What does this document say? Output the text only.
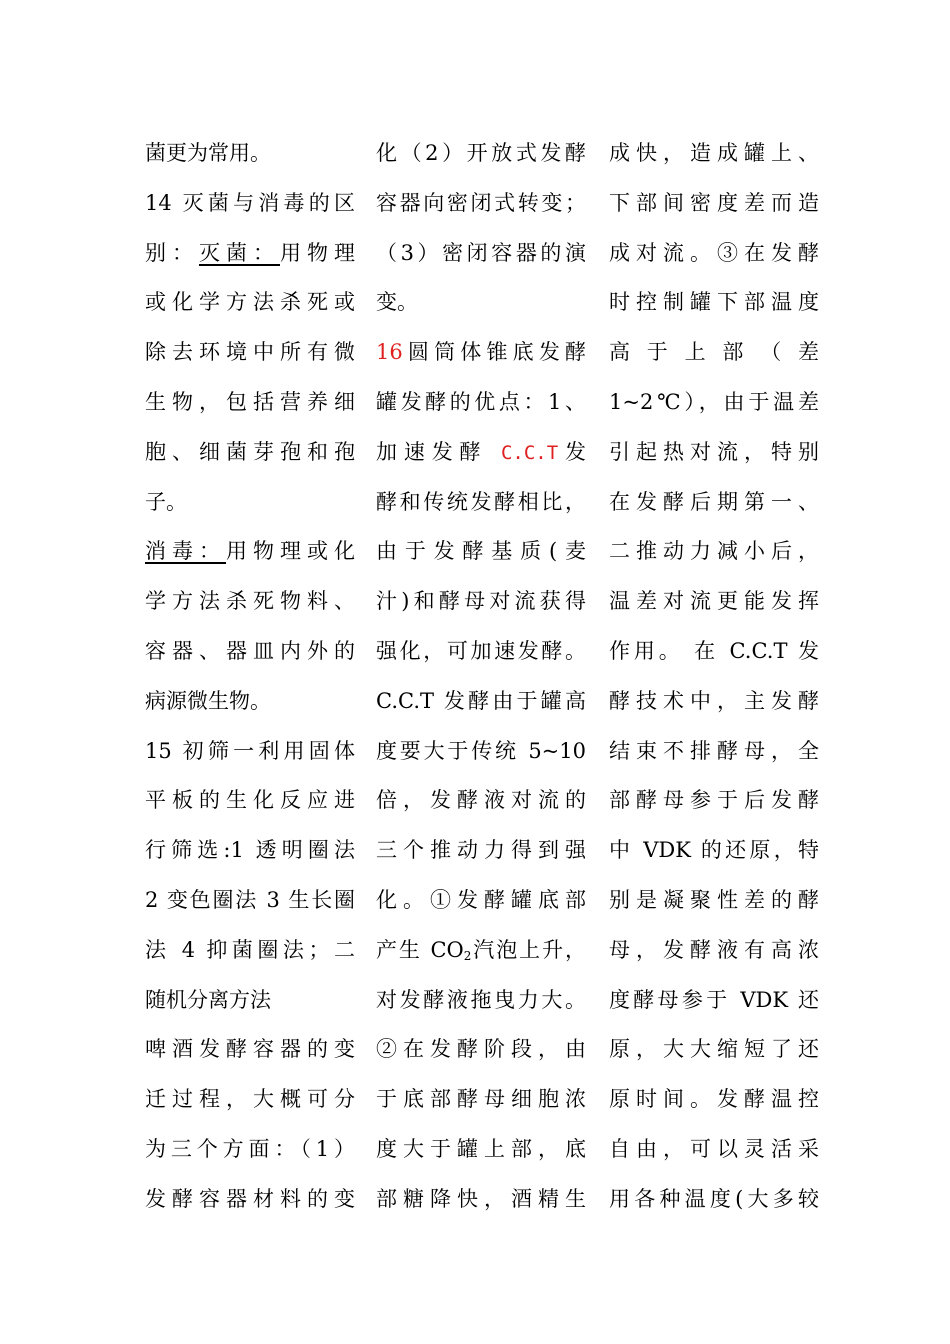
菌更为常用。
14 灭菌与消毒的区
别：灭菌：用物理
或化学方法杀死或
除去环境中所有微
生物，包括营养细
胞、细菌芽孢和孢
子。
消毒：用物理或化
学方法杀死物料、
容器、器皿内外的
病源微生物。
15 初筛一利用固体
平板的生化反应进
行筛选:1 透明圈法
2 变色圈法 3 生长圈
法 4 抑菌圈法；二
随机分离方法
啤酒发酵容器的变
迁过程，大概可分
为三个方面：（1）
发酵容器材料的变
化（2）开放式发酵
容器向密闭式转变；
（3）密闭容器的演
变。
16圆筒体锥底发酵
罐发酵的优点：1、
加速发酵 C.C.T发
酵和传统发酵相比，
由于发酵基质(麦
汁)和酵母对流获得
强化，可加速发酵。
C.C.T 发酵由于罐高
度要大于传统 5~10
倍，发酵液对流的
三个推动力得到强
化。①发酵罐底部
产生 $CO_2$汽泡上升，
对发酵液拖曳力大。
②在发酵阶段，由
于底部酵母细胞浓
度大于罐上部，底
部糖降快，酒精生
成快，造成罐上、
下部间密度差而造
成对流。③在发酵
时控制罐下部温度
高 于 上 部 （ 差
1~2℃），由于温差
引起热对流，特别
在发酵后期第一、
二推动力减小后，
温差对流更能发挥
作用。 在 C.C.T 发
酵技术中，主发酵
结束不排酵母，全
部酵母参于后发酵
中 VDK 的还原，特
别是凝聚性差的酵
母，发酵液有高浓
度酵母参于 VDK 还
原，大大缩短了还
原时间。发酵温控
自由，可以灵活采
用各种温度(大多较
